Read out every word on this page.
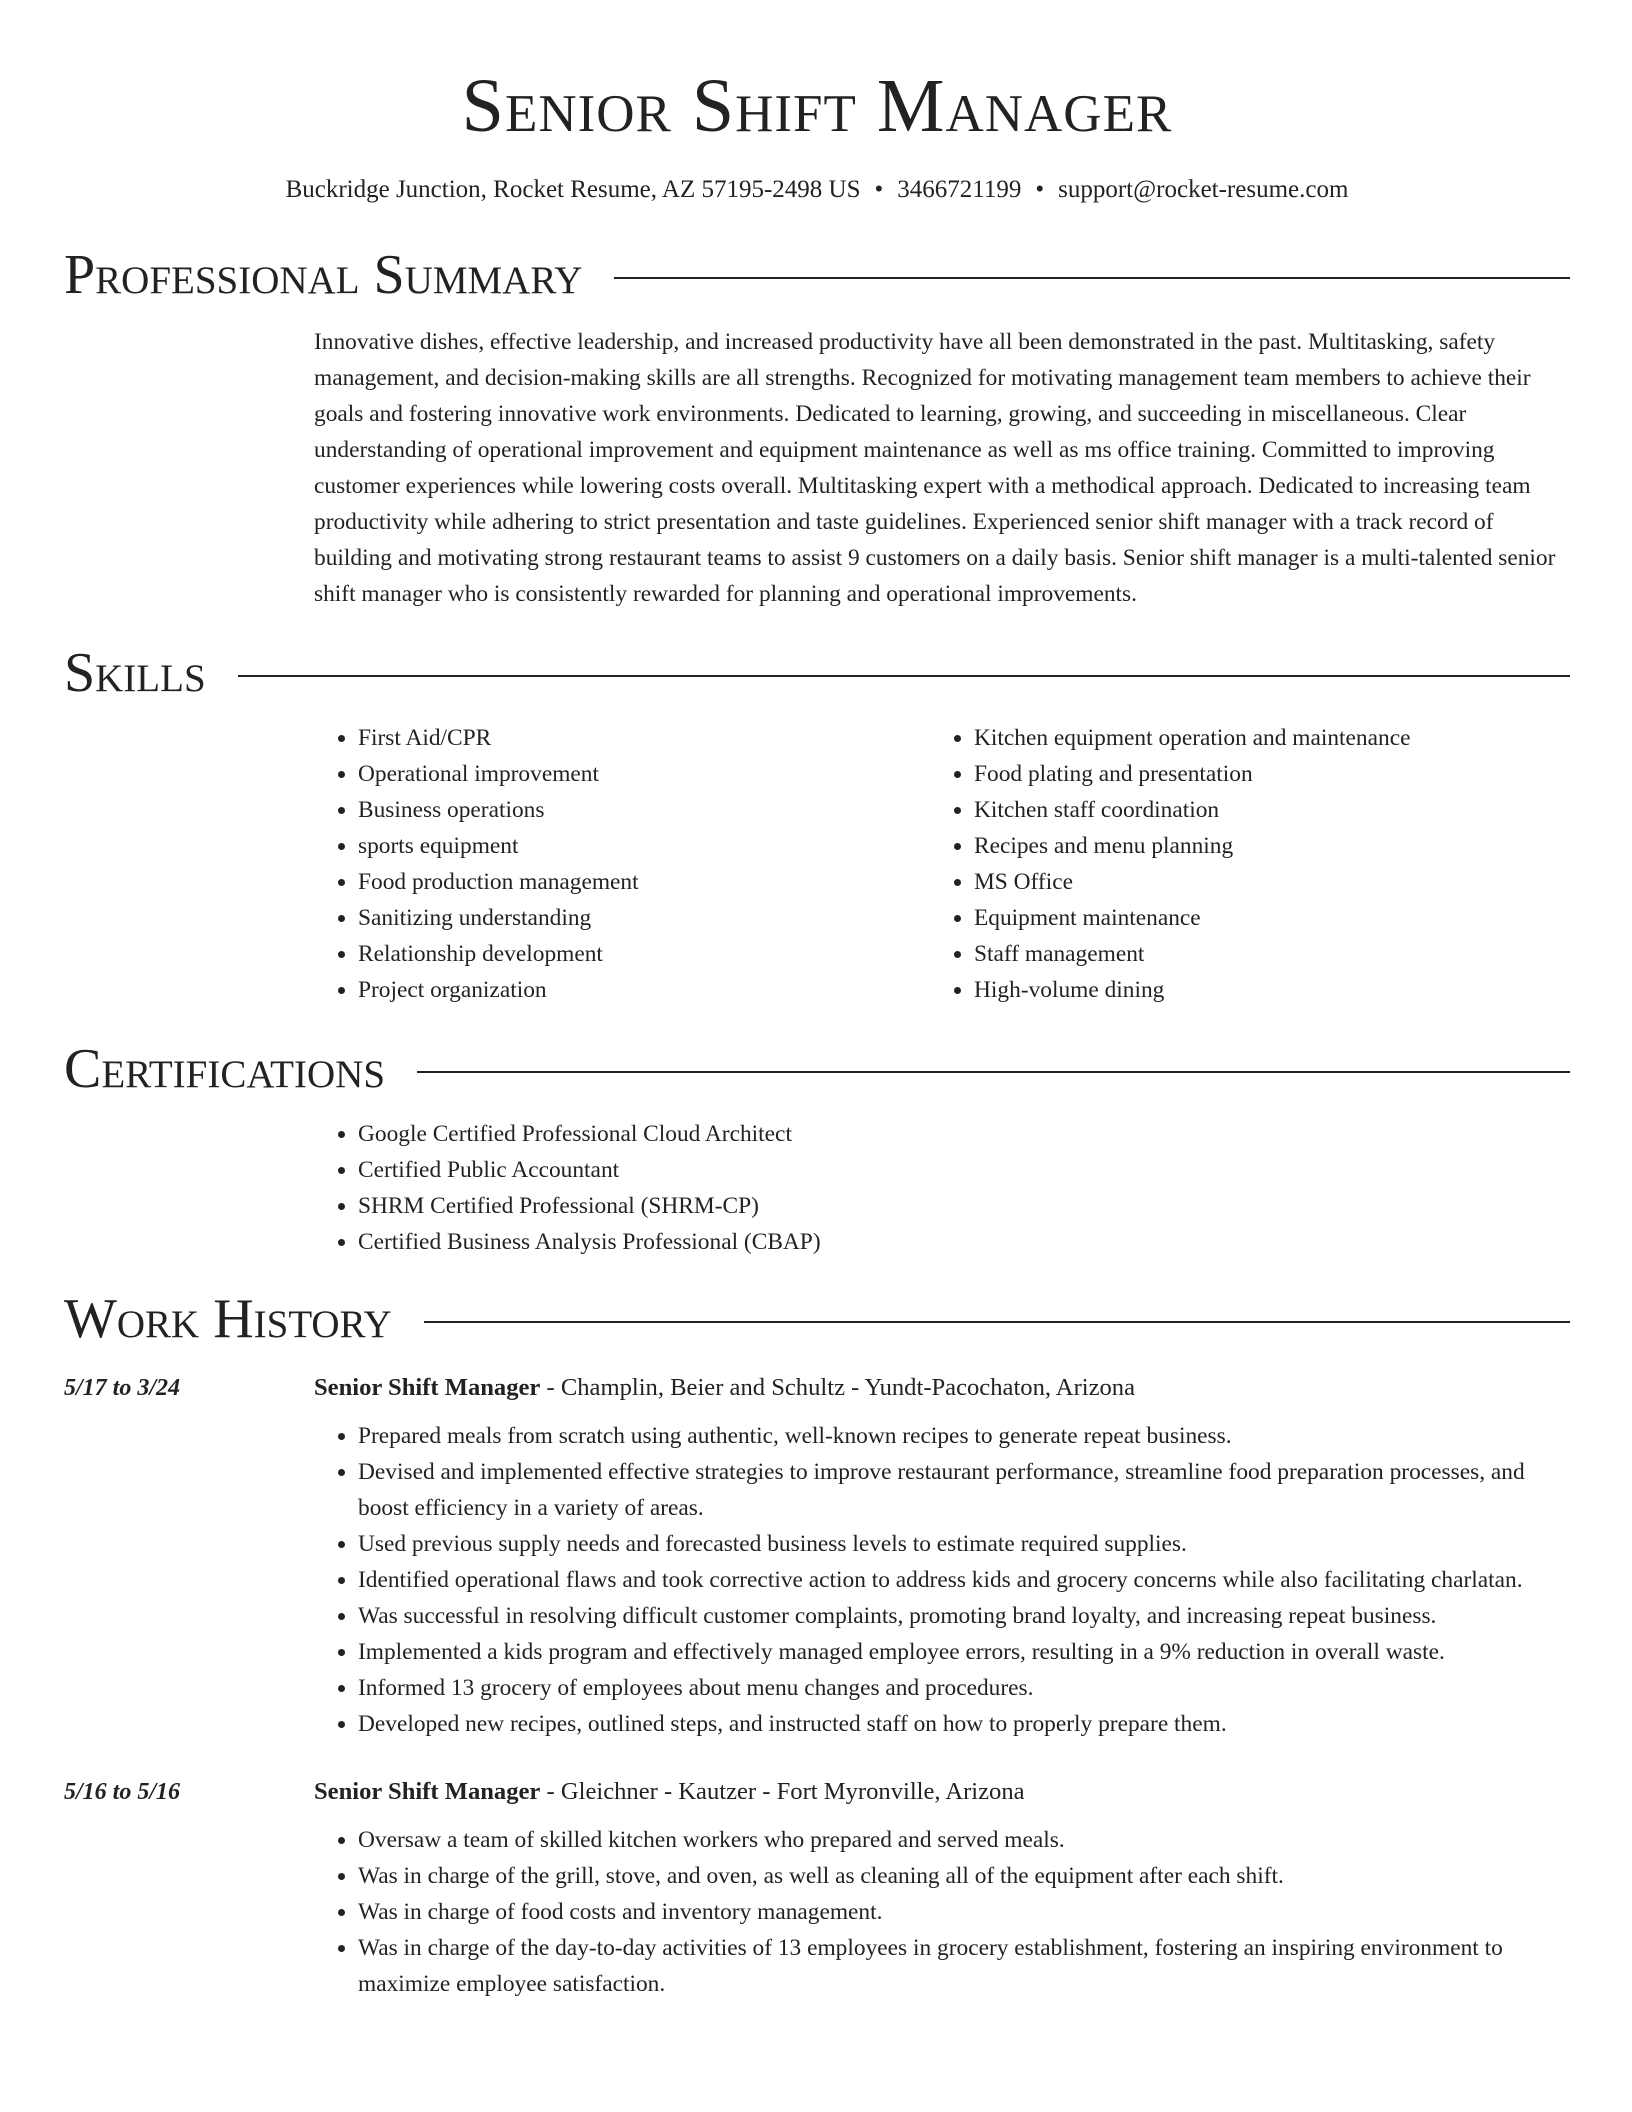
Senior Shift Manager
Buckridge Junction, Rocket Resume, AZ 57195-2498 US • 3466721199 • support@rocket-resume.com
Professional Summary
Innovative dishes, effective leadership, and increased productivity have all been demonstrated in the past. Multitasking, safety management, and decision-making skills are all strengths. Recognized for motivating management team members to achieve their goals and fostering innovative work environments. Dedicated to learning, growing, and succeeding in miscellaneous. Clear understanding of operational improvement and equipment maintenance as well as ms office training. Committed to improving customer experiences while lowering costs overall. Multitasking expert with a methodical approach. Dedicated to increasing team productivity while adhering to strict presentation and taste guidelines. Experienced senior shift manager with a track record of building and motivating strong restaurant teams to assist 9 customers on a daily basis. Senior shift manager is a multi-talented senior shift manager who is consistently rewarded for planning and operational improvements.
Skills
• First Aid/CPR
• Operational improvement
• Business operations
• sports equipment
• Food production management
• Sanitizing understanding
• Relationship development
• Project organization
• Kitchen equipment operation and maintenance
• Food plating and presentation
• Kitchen staff coordination
• Recipes and menu planning
• MS Office
• Equipment maintenance
• Staff management
• High-volume dining
Certifications
• Google Certified Professional Cloud Architect
• Certified Public Accountant
• SHRM Certified Professional (SHRM-CP)
• Certified Business Analysis Professional (CBAP)
Work History
5/17 to 3/24	Senior Shift Manager - Champlin, Beier and Schultz - Yundt-Pacochaton, Arizona
• Prepared meals from scratch using authentic, well-known recipes to generate repeat business.
• Devised and implemented effective strategies to improve restaurant performance, streamline food preparation processes, and boost efficiency in a variety of areas.
• Used previous supply needs and forecasted business levels to estimate required supplies.
• Identified operational flaws and took corrective action to address kids and grocery concerns while also facilitating charlatan.
• Was successful in resolving difficult customer complaints, promoting brand loyalty, and increasing repeat business.
• Implemented a kids program and effectively managed employee errors, resulting in a 9% reduction in overall waste.
• Informed 13 grocery of employees about menu changes and procedures.
• Developed new recipes, outlined steps, and instructed staff on how to properly prepare them.
5/16 to 5/16	Senior Shift Manager - Gleichner - Kautzer - Fort Myronville, Arizona
• Oversaw a team of skilled kitchen workers who prepared and served meals.
• Was in charge of the grill, stove, and oven, as well as cleaning all of the equipment after each shift.
• Was in charge of food costs and inventory management.
• Was in charge of the day-to-day activities of 13 employees in grocery establishment, fostering an inspiring environment to maximize employee satisfaction.
